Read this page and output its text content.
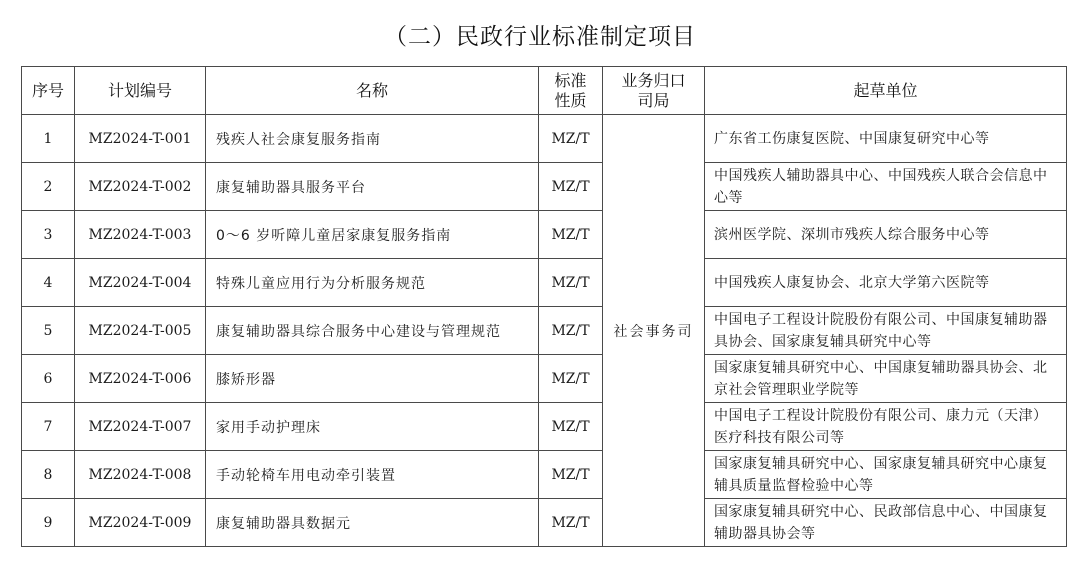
（二）民政行业标准制定项目
序号	计划编号	名称	标准性质	业务归口司局	起草单位
1	MZ2024-T-001	残疾人社会康复服务指南	MZ/T	社会事务司	广东省工伤康复医院、中国康复研究中心等
2	MZ2024-T-002	康复辅助器具服务平台	MZ/T		中国残疾人辅助器具中心、中国残疾人联合会信息中心等
3	MZ2024-T-003	0～6 岁听障儿童居家康复服务指南	MZ/T		滨州医学院、深圳市残疾人综合服务中心等
4	MZ2024-T-004	特殊儿童应用行为分析服务规范	MZ/T		中国残疾人康复协会、北京大学第六医院等
5	MZ2024-T-005	康复辅助器具综合服务中心建设与管理规范	MZ/T		中国电子工程设计院股份有限公司、中国康复辅助器具协会、国家康复辅具研究中心等
6	MZ2024-T-006	膝矫形器	MZ/T		国家康复辅具研究中心、中国康复辅助器具协会、北京社会管理职业学院等
7	MZ2024-T-007	家用手动护理床	MZ/T		中国电子工程设计院股份有限公司、康力元（天津）医疗科技有限公司等
8	MZ2024-T-008	手动轮椅车用电动牵引装置	MZ/T		国家康复辅具研究中心、国家康复辅具研究中心康复辅具质量监督检验中心等
9	MZ2024-T-009	康复辅助器具数据元	MZ/T		国家康复辅具研究中心、民政部信息中心、中国康复辅助器具协会等
